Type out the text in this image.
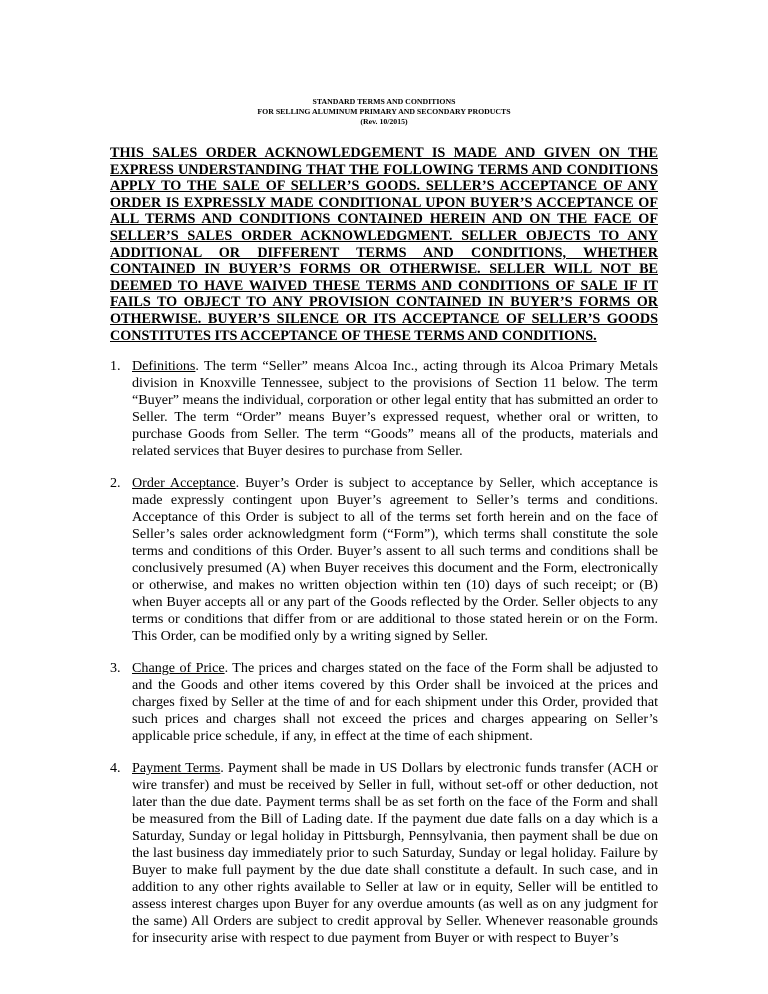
STANDARD TERMS AND CONDITIONS
FOR SELLING ALUMINUM PRIMARY AND SECONDARY PRODUCTS
(Rev. 10/2015)
THIS SALES ORDER ACKNOWLEDGEMENT IS MADE AND GIVEN ON THE EXPRESS UNDERSTANDING THAT THE FOLLOWING TERMS AND CONDITIONS APPLY TO THE SALE OF SELLER’S GOODS. SELLER’S ACCEPTANCE OF ANY ORDER IS EXPRESSLY MADE CONDITIONAL UPON BUYER’S ACCEPTANCE OF ALL TERMS AND CONDITIONS CONTAINED HEREIN AND ON THE FACE OF SELLER’S SALES ORDER ACKNOWLEDGMENT. SELLER OBJECTS TO ANY ADDITIONAL OR DIFFERENT TERMS AND CONDITIONS, WHETHER CONTAINED IN BUYER’S FORMS OR OTHERWISE. SELLER WILL NOT BE DEEMED TO HAVE WAIVED THESE TERMS AND CONDITIONS OF SALE IF IT FAILS TO OBJECT TO ANY PROVISION CONTAINED IN BUYER’S FORMS OR OTHERWISE. BUYER’S SILENCE OR ITS ACCEPTANCE OF SELLER’S GOODS CONSTITUTES ITS ACCEPTANCE OF THESE TERMS AND CONDITIONS.
1. Definitions. The term “Seller” means Alcoa Inc., acting through its Alcoa Primary Metals division in Knoxville Tennessee, subject to the provisions of Section 11 below. The term “Buyer” means the individual, corporation or other legal entity that has submitted an order to Seller. The term “Order” means Buyer’s expressed request, whether oral or written, to purchase Goods from Seller. The term “Goods” means all of the products, materials and related services that Buyer desires to purchase from Seller.
2. Order Acceptance. Buyer’s Order is subject to acceptance by Seller, which acceptance is made expressly contingent upon Buyer’s agreement to Seller’s terms and conditions. Acceptance of this Order is subject to all of the terms set forth herein and on the face of Seller’s sales order acknowledgment form (“Form”), which terms shall constitute the sole terms and conditions of this Order. Buyer’s assent to all such terms and conditions shall be conclusively presumed (A) when Buyer receives this document and the Form, electronically or otherwise, and makes no written objection within ten (10) days of such receipt; or (B) when Buyer accepts all or any part of the Goods reflected by the Order. Seller objects to any terms or conditions that differ from or are additional to those stated herein or on the Form. This Order, can be modified only by a writing signed by Seller.
3. Change of Price. The prices and charges stated on the face of the Form shall be adjusted to and the Goods and other items covered by this Order shall be invoiced at the prices and charges fixed by Seller at the time of and for each shipment under this Order, provided that such prices and charges shall not exceed the prices and charges appearing on Seller’s applicable price schedule, if any, in effect at the time of each shipment.
4. Payment Terms. Payment shall be made in US Dollars by electronic funds transfer (ACH or wire transfer) and must be received by Seller in full, without set-off or other deduction, not later than the due date. Payment terms shall be as set forth on the face of the Form and shall be measured from the Bill of Lading date. If the payment due date falls on a day which is a Saturday, Sunday or legal holiday in Pittsburgh, Pennsylvania, then payment shall be due on the last business day immediately prior to such Saturday, Sunday or legal holiday. Failure by Buyer to make full payment by the due date shall constitute a default. In such case, and in addition to any other rights available to Seller at law or in equity, Seller will be entitled to assess interest charges upon Buyer for any overdue amounts (as well as on any judgment for the same) All Orders are subject to credit approval by Seller. Whenever reasonable grounds for insecurity arise with respect to due payment from Buyer or with respect to Buyer’s
